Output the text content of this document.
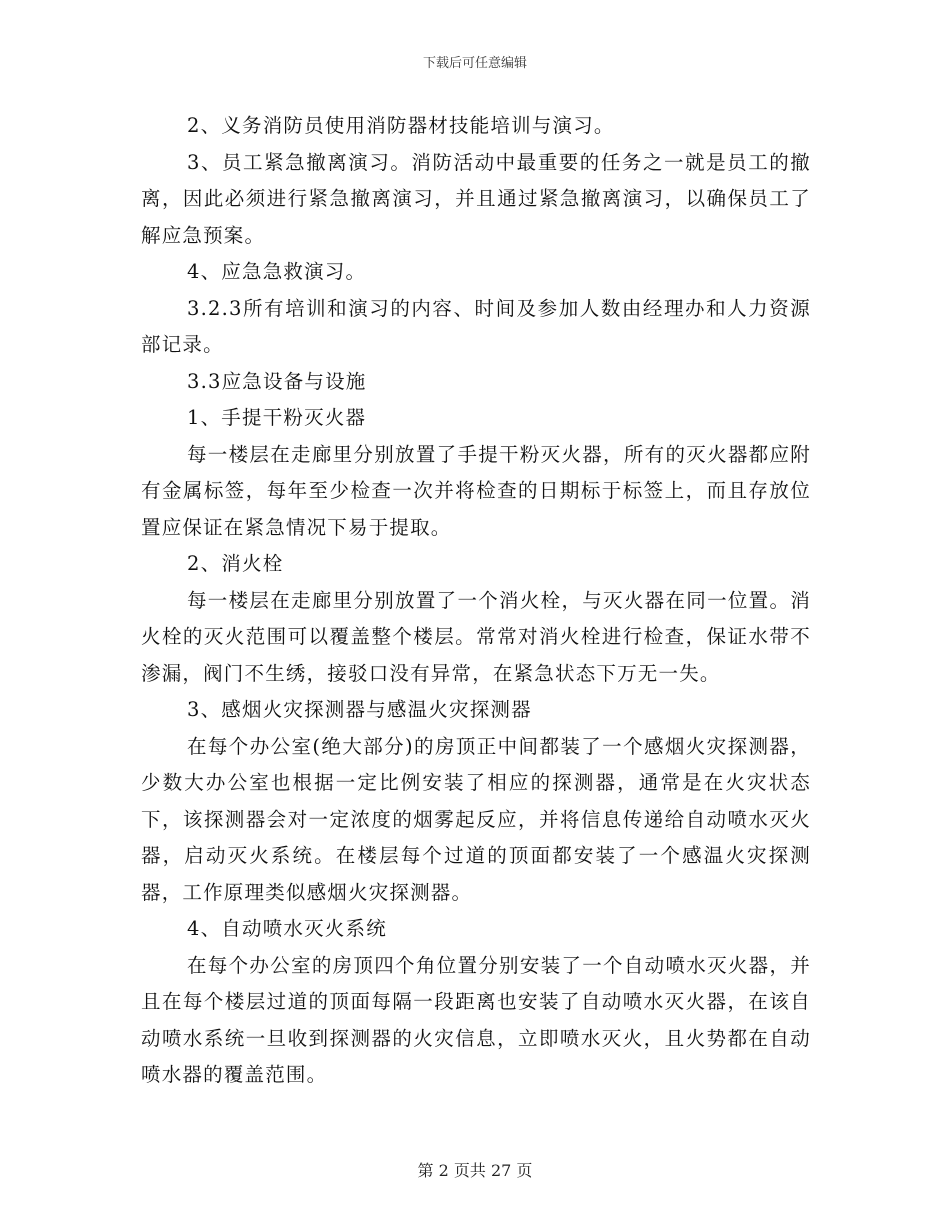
下载后可任意编辑

2、义务消防员使用消防器材技能培训与演习。

3、员工紧急撤离演习。消防活动中最重要的任务之一就是员工的撤离，因此必须进行紧急撤离演习，并且通过紧急撤离演习，以确保员工了解应急预案。

4、应急急救演习。

3.2.3所有培训和演习的内容、时间及参加人数由经理办和人力资源部记录。

3.3应急设备与设施

1、手提干粉灭火器

每一楼层在走廊里分别放置了手提干粉灭火器，所有的灭火器都应附有金属标签，每年至少检查一次并将检查的日期标于标签上，而且存放位置应保证在紧急情况下易于提取。

2、消火栓

每一楼层在走廊里分别放置了一个消火栓，与灭火器在同一位置。消火栓的灭火范围可以覆盖整个楼层。常常对消火栓进行检查，保证水带不渗漏，阀门不生绣，接驳口没有异常，在紧急状态下万无一失。

3、感烟火灾探测器与感温火灾探测器

在每个办公室(绝大部分)的房顶正中间都装了一个感烟火灾探测器，少数大办公室也根据一定比例安装了相应的探测器，通常是在火灾状态下，该探测器会对一定浓度的烟雾起反应，并将信息传递给自动喷水灭火器，启动灭火系统。在楼层每个过道的顶面都安装了一个感温火灾探测器，工作原理类似感烟火灾探测器。

4、自动喷水灭火系统

在每个办公室的房顶四个角位置分别安装了一个自动喷水灭火器，并且在每个楼层过道的顶面每隔一段距离也安装了自动喷水灭火器，在该自动喷水系统一旦收到探测器的火灾信息，立即喷水灭火，且火势都在自动喷水器的覆盖范围。

第 2 页共 27 页
